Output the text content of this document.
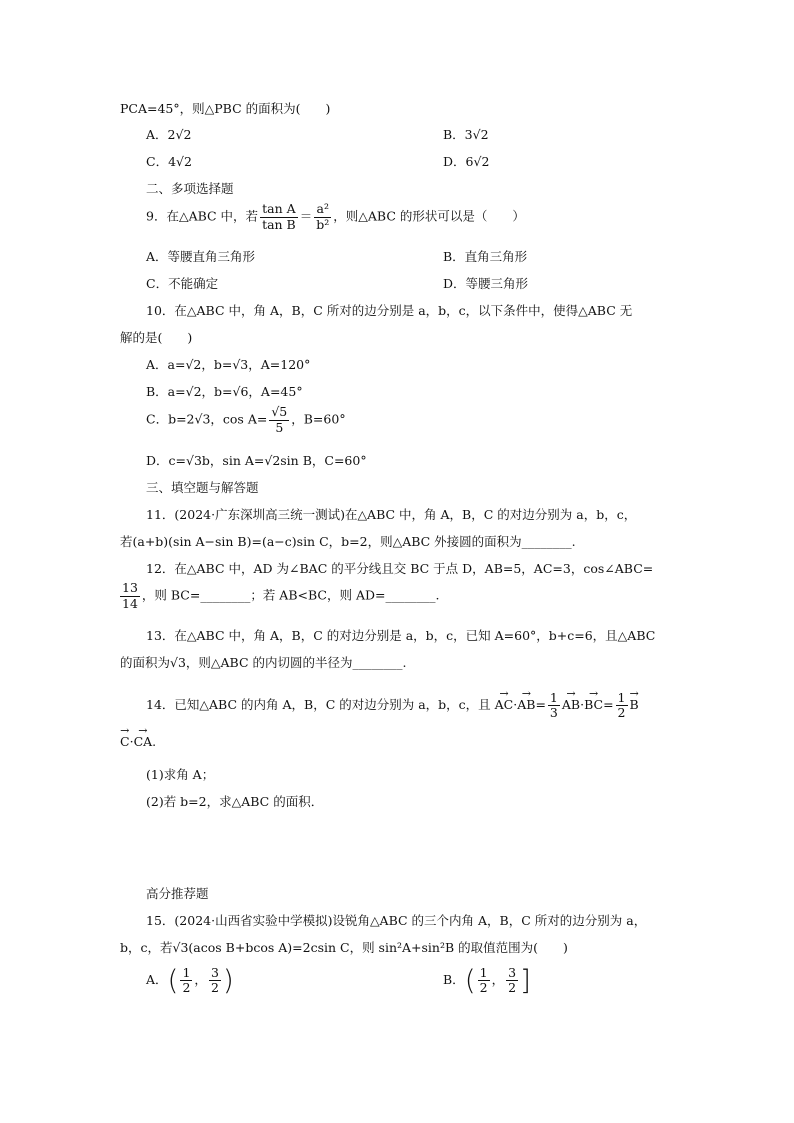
PCA=45°，则△PBC 的面积为(　　)
A．2√2	B．3√2
C．4√2	D．6√2
二、多项选择题
9．在△ABC 中，若 $\frac{\text{tan A}}{\text{tan B}} = \frac{\text{a²}}{\text{b²}}$ ，则△ABC 的形状可以是（　　）
A．等腰直角三角形	B．直角三角形
C．不能确定	D．等腰三角形
10．在△ABC 中，角 A，B，C 所对的边分别是 a，b，c，以下条件中，使得△ABC 无
解的是(　　)
A．a=√2，b=√3，A=120°
B．a=√2，b=√6，A=45°
C．b=2√3，$\cos A= \frac{√5}{5}$ ，B=60°
D．c=√3b，sin A=√2sin B，C=60°
三、填空题与解答题
11．(2024·广东深圳高三统一测试)在△ABC 中，角 A，B，C 的对边分别为 a，b，c，
若(a+b)(sin A−sin B)=(a−c)sin C，b=2，则△ABC 外接圆的面积为________.
12．在△ABC 中，AD 为∠BAC 的平分线且交 BC 于点 D，AB=5，AC=3，cos∠ABC=
$\frac{13}{14}$ ，则 BC=________；若 AB<BC，则 AD=________.
13．在△ABC 中，角 A，B，C 的对边分别是 a，b，c，已知 A=60°，b+c=6，且△ABC
的面积为√3，则△ABC 的内切圆的半径为________.
14．已知△ABC 的内角 A，B，C 的对边分别为 a，b，c，且 → $AC\cdot\to AB= \frac{1}{3}$
→ $AB\cdot\to BC= \frac{1}{2}$
→ B
→ C·→ CA.
(1)求角 A；
(2)若 b=2，求△ABC 的面积．
高分推荐题
15．(2024·山西省实验中学模拟)设锐角△ABC 的三个内角 A，B，C 所对的边分别为 a，
b，c，若√3(acos B+bcos A)=2csin C，则 sin²A+sin²B 的取值范围为(　　)
A．( $\frac{1}{2}$ ， $\frac{3}{2}$ )	B．( $\frac{1}{2}$ ， $\frac{3}{2}$ ]
